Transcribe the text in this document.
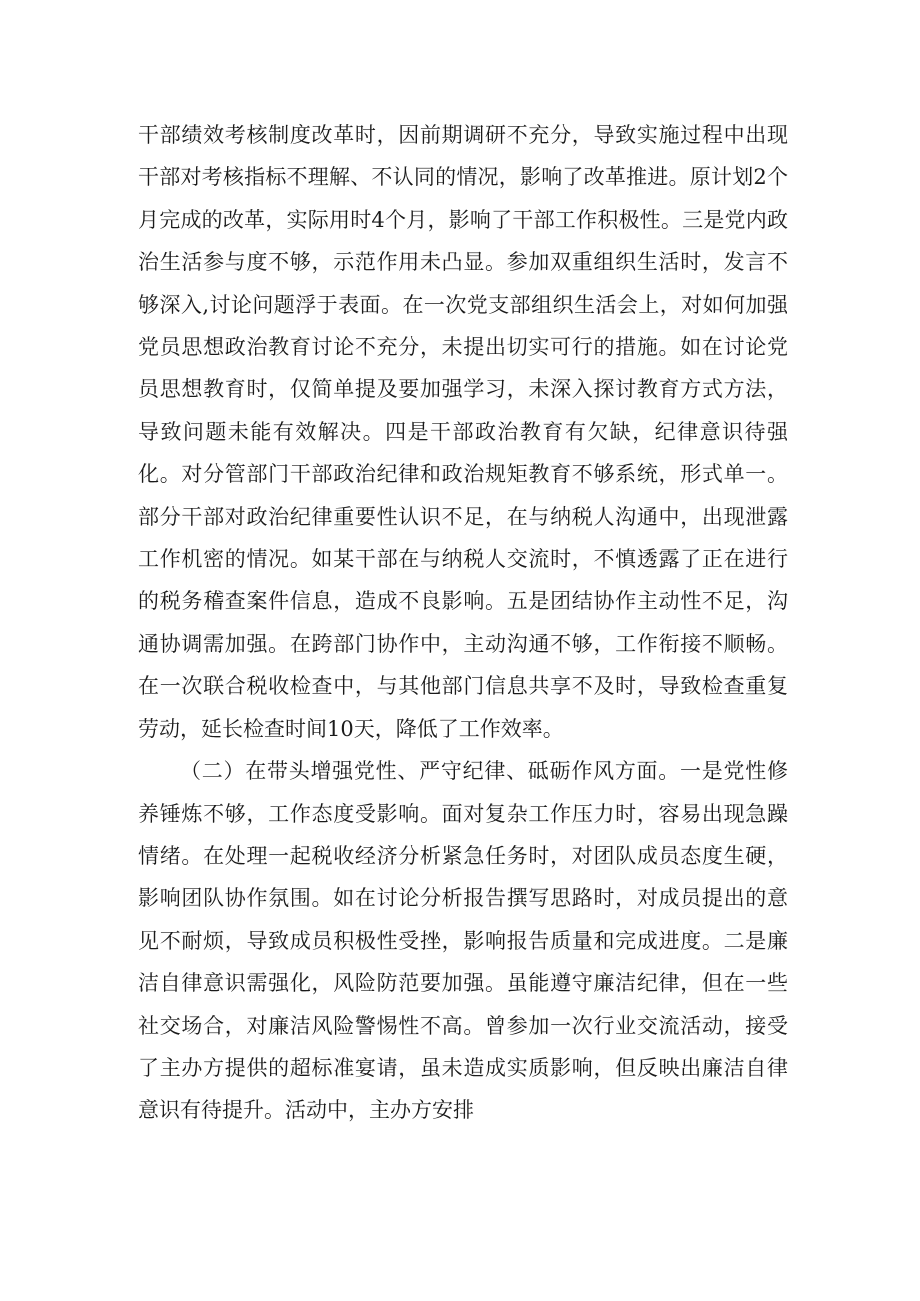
干部绩效考核制度改革时，因前期调研不充分，导致实施过程中出现干部对考核指标不理解、不认同的情况，影响了改革推进。原计划2个月完成的改革，实际用时4个月，影响了干部工作积极性。三是党内政治生活参与度不够，示范作用未凸显。参加双重组织生活时，发言不够深入,讨论问题浮于表面。在一次党支部组织生活会上，对如何加强党员思想政治教育讨论不充分，未提出切实可行的措施。如在讨论党员思想教育时，仅简单提及要加强学习，未深入探讨教育方式方法，导致问题未能有效解决。四是干部政治教育有欠缺，纪律意识待强化。对分管部门干部政治纪律和政治规矩教育不够系统，形式单一。部分干部对政治纪律重要性认识不足，在与纳税人沟通中，出现泄露工作机密的情况。如某干部在与纳税人交流时，不慎透露了正在进行的税务稽查案件信息，造成不良影响。五是团结协作主动性不足，沟通协调需加强。在跨部门协作中，主动沟通不够，工作衔接不顺畅。在一次联合税收检查中，与其他部门信息共享不及时，导致检查重复劳动，延长检查时间10天，降低了工作效率。

（二）在带头增强党性、严守纪律、砥砺作风方面。一是党性修养锤炼不够，工作态度受影响。面对复杂工作压力时，容易出现急躁情绪。在处理一起税收经济分析紧急任务时，对团队成员态度生硬，影响团队协作氛围。如在讨论分析报告撰写思路时，对成员提出的意见不耐烦，导致成员积极性受挫，影响报告质量和完成进度。二是廉洁自律意识需强化，风险防范要加强。虽能遵守廉洁纪律，但在一些社交场合，对廉洁风险警惕性不高。曾参加一次行业交流活动，接受了主办方提供的超标准宴请，虽未造成实质影响，但反映出廉洁自律意识有待提升。活动中，主办方安排
